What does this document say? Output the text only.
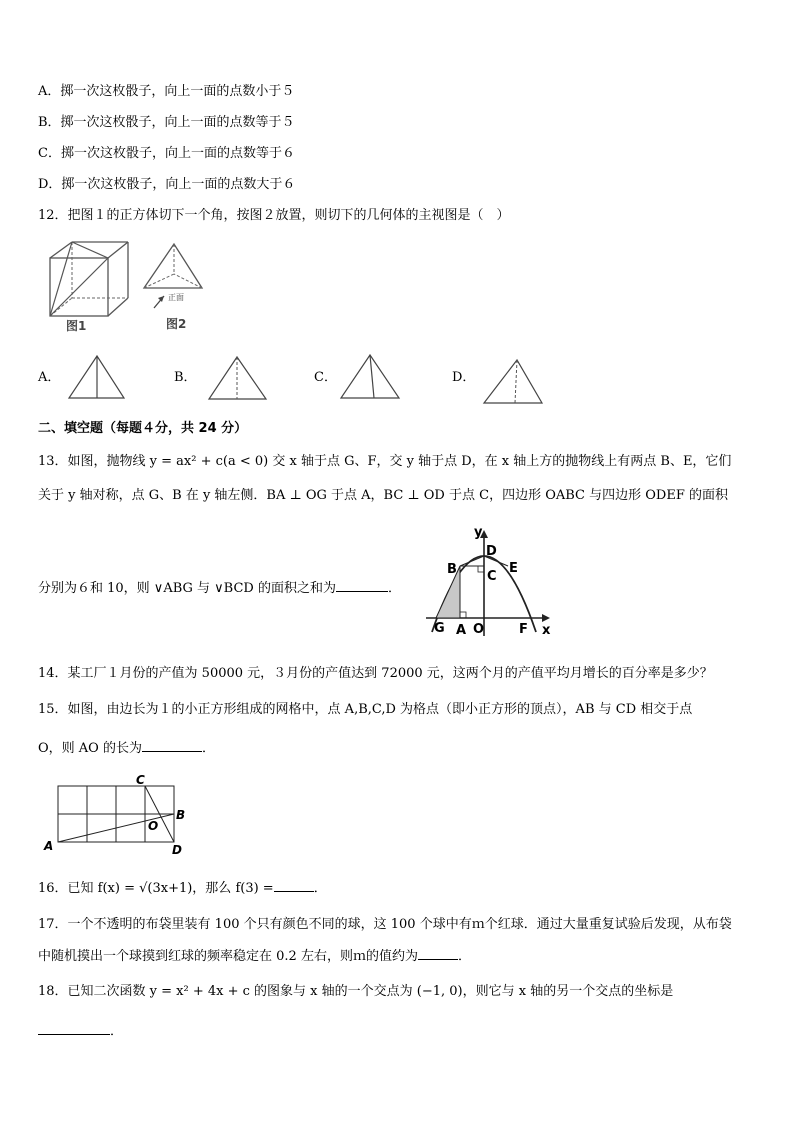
A．掷一次这枚骰子，向上一面的点数小于５
B．掷一次这枚骰子，向上一面的点数等于５
C．掷一次这枚骰子，向上一面的点数等于６
D．掷一次这枚骰子，向上一面的点数大于６
12．把图１的正方体切下一个角，按图２放置，则切下的几何体的主视图是（　）
图1
正面
图2
A．	B．	C．	D．
二、填空题（每题４分，共 24 分）
13．如图，抛物线 y = ax² + c(a < 0) 交 x 轴于点 G、F，交 y 轴于点 D，在 x 轴上方的抛物线上有两点 B、E，它们
关于 y 轴对称，点 G、B 在 y 轴左侧．BA ⊥ OG 于点 A，BC ⊥ OD 于点 C，四边形 OABC 与四边形 ODEF 的面积
分别为６和 10，则 ∨ABG 与 ∨BCD 的面积之和为	．
y
x
D
B	E
C
G A O	F
14．某工厂１月份的产值为 50000 元，３月份的产值达到 72000 元，这两个月的产值平均月增长的百分率是多少？
15．如图，由边长为１的小正方形组成的网格中，点 A,B,C,D 为格点（即小正方形的顶点），AB 与 CD 相交于点
O，则 AO 的长为	．
C
B
O
A	D
16．已知 f(x) = √(3x+1)，那么 f(3) =	．
17．一个不透明的布袋里装有 100 个只有颜色不同的球，这 100 个球中有ｍ个红球．通过大量重复试验后发现，从布袋
中随机摸出一个球摸到红球的频率稳定在 0.2 左右，则ｍ的值约为	．
18．已知二次函数 y = x² + 4x + c 的图象与 x 轴的一个交点为 (−1, 0)，则它与 x 轴的另一个交点的坐标是
．
